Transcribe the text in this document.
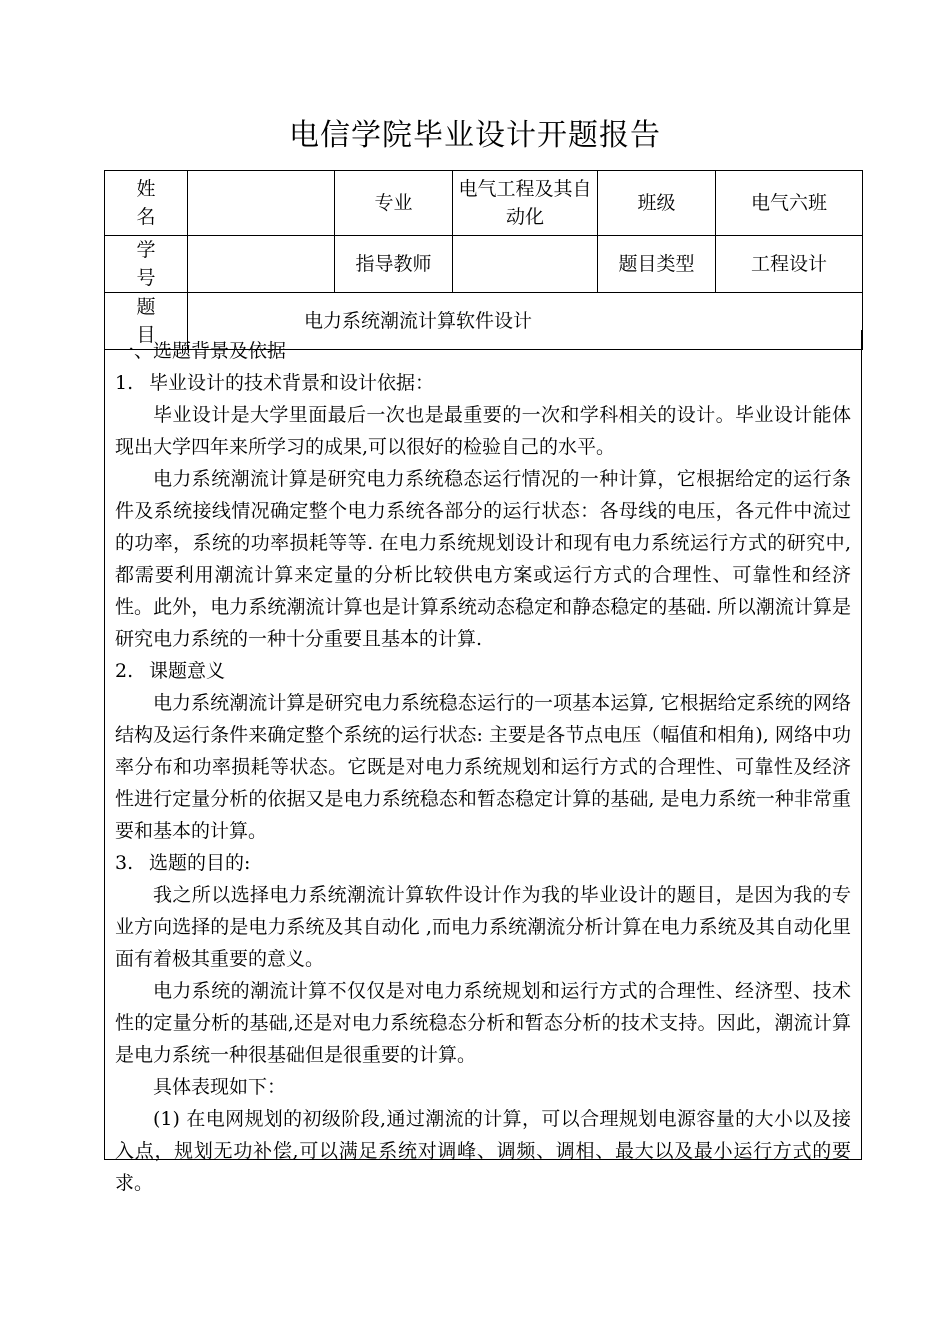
电信学院毕业设计开题报告
姓 名		专业	电气工程及其自动化	班级	电气六班
学 号		指导教师		题目类型	工程设计
题 目	电力系统潮流计算软件设计				

一、选题背景及依据

1. 毕业设计的技术背景和设计依据：

毕业设计是大学里面最后一次也是最重要的一次和学科相关的设计。毕业设计能体现出大学四年来所学习的成果,可以很好的检验自己的水平。

电力系统潮流计算是研究电力系统稳态运行情况的一种计算，它根据给定的运行条件及系统接线情况确定整个电力系统各部分的运行状态：各母线的电压，各元件中流过的功率，系统的功率损耗等等. 在电力系统规划设计和现有电力系统运行方式的研究中, 都需要利用潮流计算来定量的分析比较供电方案或运行方式的合理性、可靠性和经济性。此外，电力系统潮流计算也是计算系统动态稳定和静态稳定的基础. 所以潮流计算是研究电力系统的一种十分重要且基本的计算.

2. 课题意义

电力系统潮流计算是研究电力系统稳态运行的一项基本运算, 它根据给定系统的网络结构及运行条件来确定整个系统的运行状态: 主要是各节点电压（幅值和相角), 网络中功率分布和功率损耗等状态。它既是对电力系统规划和运行方式的合理性、可靠性及经济性进行定量分析的依据又是电力系统稳态和暂态稳定计算的基础, 是电力系统一种非常重要和基本的计算。

3. 选题的目的:

我之所以选择电力系统潮流计算软件设计作为我的毕业设计的题目，是因为我的专业方向选择的是电力系统及其自动化 ,而电力系统潮流分析计算在电力系统及其自动化里面有着极其重要的意义。

电力系统的潮流计算不仅仅是对电力系统规划和运行方式的合理性、经济型、技术性的定量分析的基础,还是对电力系统稳态分析和暂态分析的技术支持。因此，潮流计算是电力系统一种很基础但是很重要的计算。

具体表现如下：

(1) 在电网规划的初级阶段,通过潮流的计算，可以合理规划电源容量的大小以及接入点，规划无功补偿,可以满足系统对调峰、调频、调相、最大以及最小运行方式的要求。
